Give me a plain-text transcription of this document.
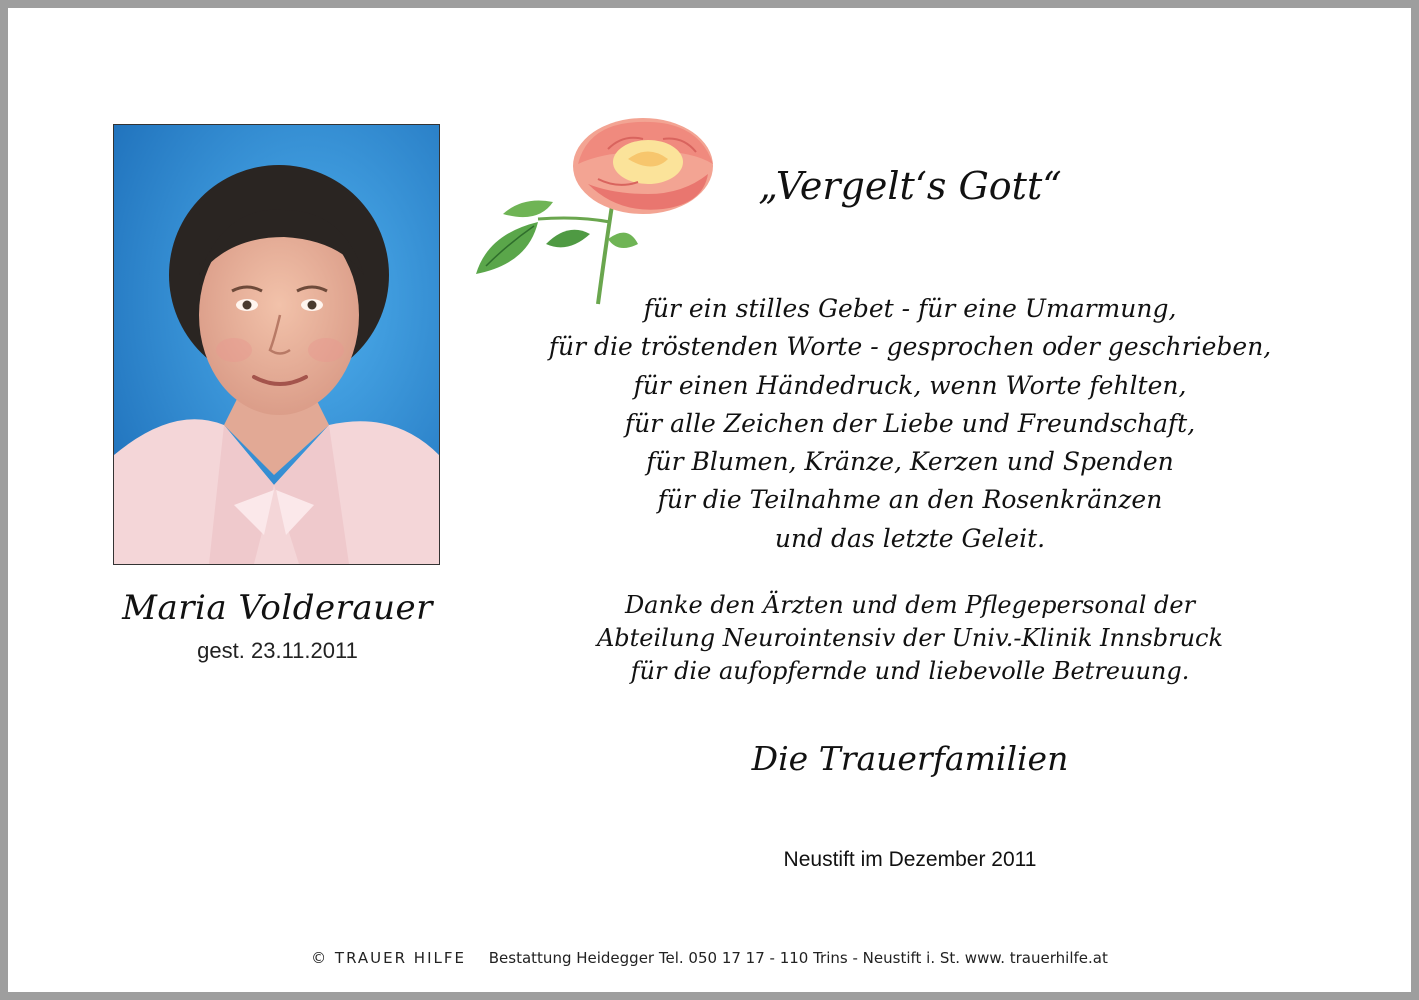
Maria Volderauer
gest. 23.11.2011
„Vergelt‘s Gott“
für ein stilles Gebet - für eine Umarmung,
für die tröstenden Worte - gesprochen oder geschrieben,
für einen Händedruck, wenn Worte fehlten,
für alle Zeichen der Liebe und Freundschaft,
für Blumen, Kränze, Kerzen und Spenden
für die Teilnahme an den Rosenkränzen
und das letzte Geleit.
Danke den Ärzten und dem Pflegepersonal der
Abteilung Neurointensiv der Univ.-Klinik Innsbruck
für die aufopfernde und liebevolle Betreuung.
Die Trauerfamilien
Neustift im Dezember 2011
© TRAUER HILFE Bestattung Heidegger Tel. 050 17 17 - 110 Trins - Neustift i. St. www. trauerhilfe.at
